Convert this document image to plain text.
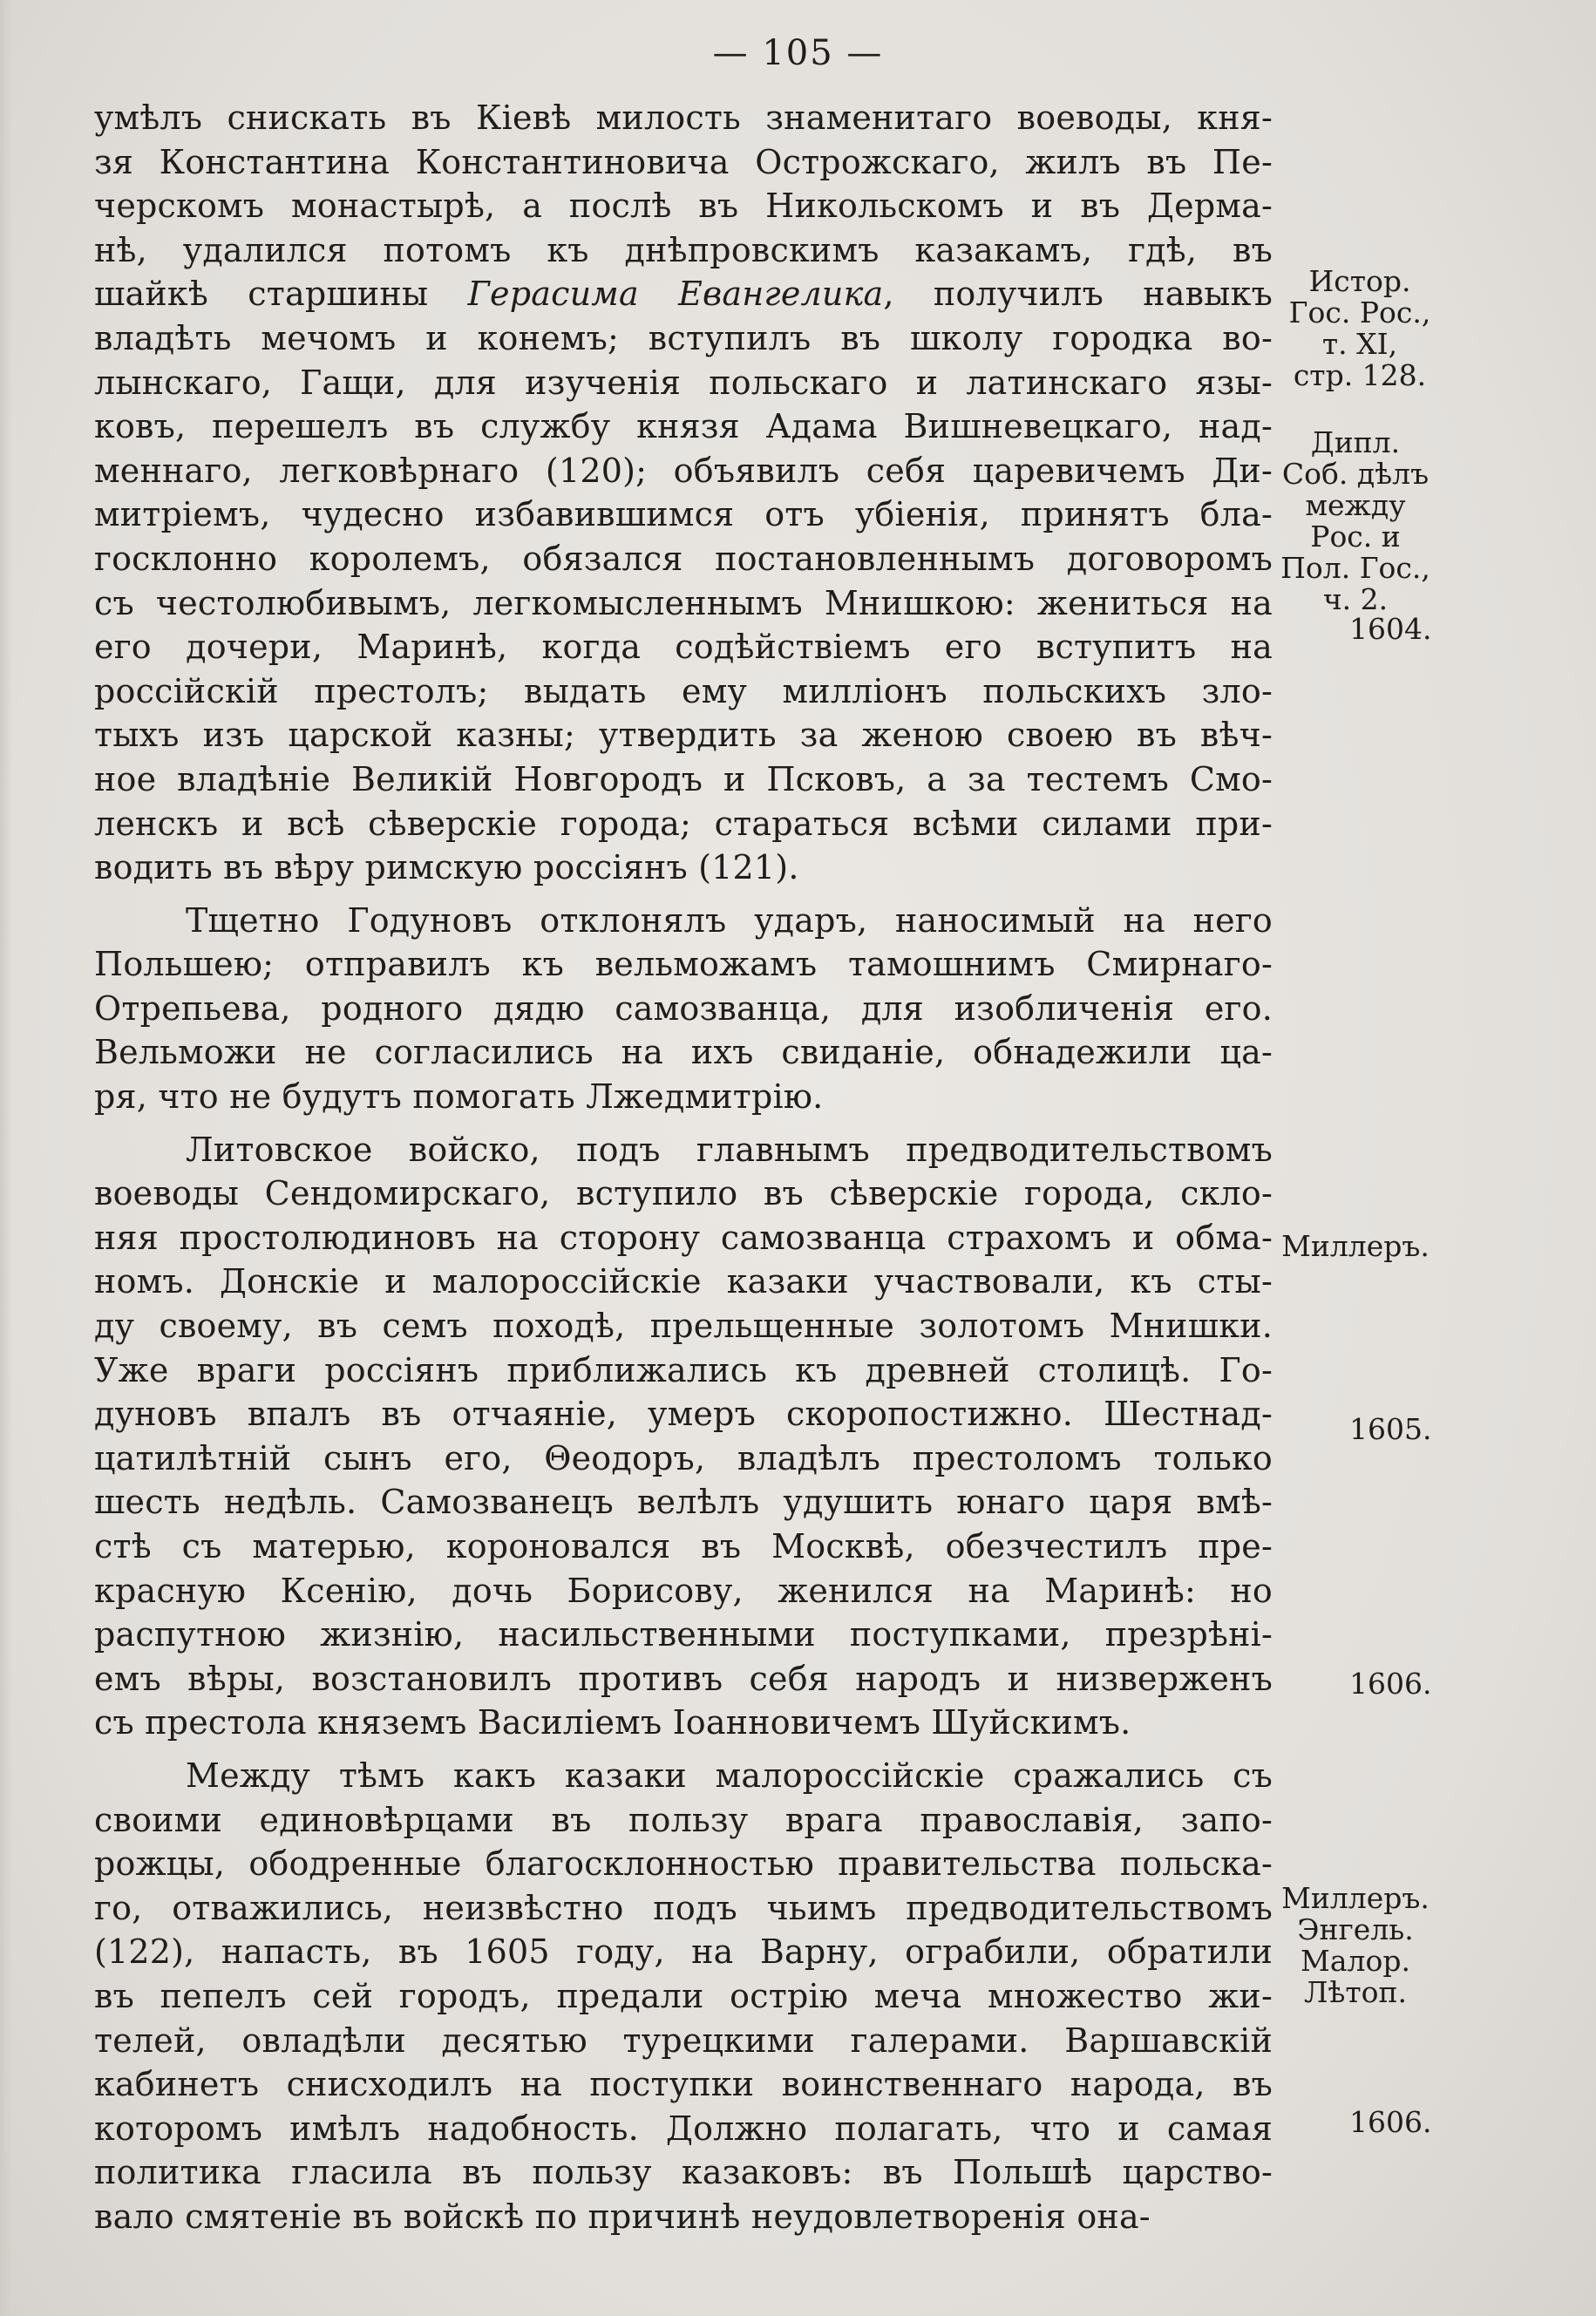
— 105 —
умѣлъ снискать въ Кіевѣ милость знаменитаго воеводы, кня-
зя Константина Константиновича Острожскаго, жилъ въ Пе-
черскомъ монастырѣ, а послѣ въ Никольскомъ и въ Дерма-
нѣ, удалился потомъ къ днѣпровскимъ казакамъ, гдѣ, въ
шайкѣ старшины Герасима Евангелика, получилъ навыкъ
владѣть мечомъ и конемъ; вступилъ въ школу городка во-
лынскаго, Гащи, для изученія польскаго и латинскаго язы-
ковъ, перешелъ въ службу князя Адама Вишневецкаго, над-
меннаго, легковѣрнаго (120); объявилъ себя царевичемъ Ди-
митріемъ, чудесно избавившимся отъ убіенія, принятъ бла-
госклонно королемъ, обязался постановленнымъ договоромъ
съ честолюбивымъ, легкомысленнымъ Мнишкою: жениться на
его дочери, Маринѣ, когда содѣйствіемъ его вступитъ на
россійскій престолъ; выдать ему милліонъ польскихъ зло-
тыхъ изъ царской казны; утвердить за женою своею въ вѣч-
ное владѣніе Великій Новгородъ и Псковъ, а за тестемъ Смо-
ленскъ и всѣ сѣверскіе города; стараться всѣми силами при-
водить въ вѣру римскую россіянъ (121).
Тщетно Годуновъ отклонялъ ударъ, наносимый на него
Польшею; отправилъ къ вельможамъ тамошнимъ Смирнаго-
Отрепьева, родного дядю самозванца, для изобличенія его.
Вельможи не согласились на ихъ свиданіе, обнадежили ца-
ря, что не будутъ помогать Лжедмитрію.
Литовское войско, подъ главнымъ предводительствомъ
воеводы Сендомирскаго, вступило въ сѣверскіе города, скло-
няя простолюдиновъ на сторону самозванца страхомъ и обма-
номъ. Донскіе и малороссійскіе казаки участвовали, къ сты-
ду своему, въ семъ походѣ, прельщенные золотомъ Мнишки.
Уже враги россіянъ приближались къ древней столицѣ. Го-
дуновъ впалъ въ отчаяніе, умеръ скоропостижно. Шестнад-
цатилѣтній сынъ его, Θеодоръ, владѣлъ престоломъ только
шесть недѣль. Самозванецъ велѣлъ удушить юнаго царя вмѣ-
стѣ съ матерью, короновался въ Москвѣ, обезчестилъ пре-
красную Ксенію, дочь Борисову, женился на Маринѣ: но
распутною жизнію, насильственными поступками, презрѣні-
емъ вѣры, возстановилъ противъ себя народъ и низверженъ
съ престола княземъ Василіемъ Іоанновичемъ Шуйскимъ.
Между тѣмъ какъ казаки малороссійскіе сражались съ
своими единовѣрцами въ пользу врага православія, запо-
рожцы, ободренные благосклонностью правительства польска-
го, отважились, неизвѣстно подъ чьимъ предводительствомъ
(122), напасть, въ 1605 году, на Варну, ограбили, обратили
въ пепелъ сей городъ, предали острію меча множество жи-
телей, овладѣли десятью турецкими галерами. Варшавскій
кабинетъ снисходилъ на поступки воинственнаго народа, въ
которомъ имѣлъ надобность. Должно полагать, что и самая
политика гласила въ пользу казаковъ: въ Польшѣ царство-
вало смятеніе въ войскѣ по причинѣ неудовлетворенія она-
Истор.
Гос. Рос.,
т. XI,
стр. 128.
Дипл.
Соб. дѣлъ
между
Рос. и
Пол. Гос.,
ч. 2.
1604.
Миллеръ.
1605.
1606.
Миллеръ.
Энгель.
Малор.
Лѣтоп.
1606.
